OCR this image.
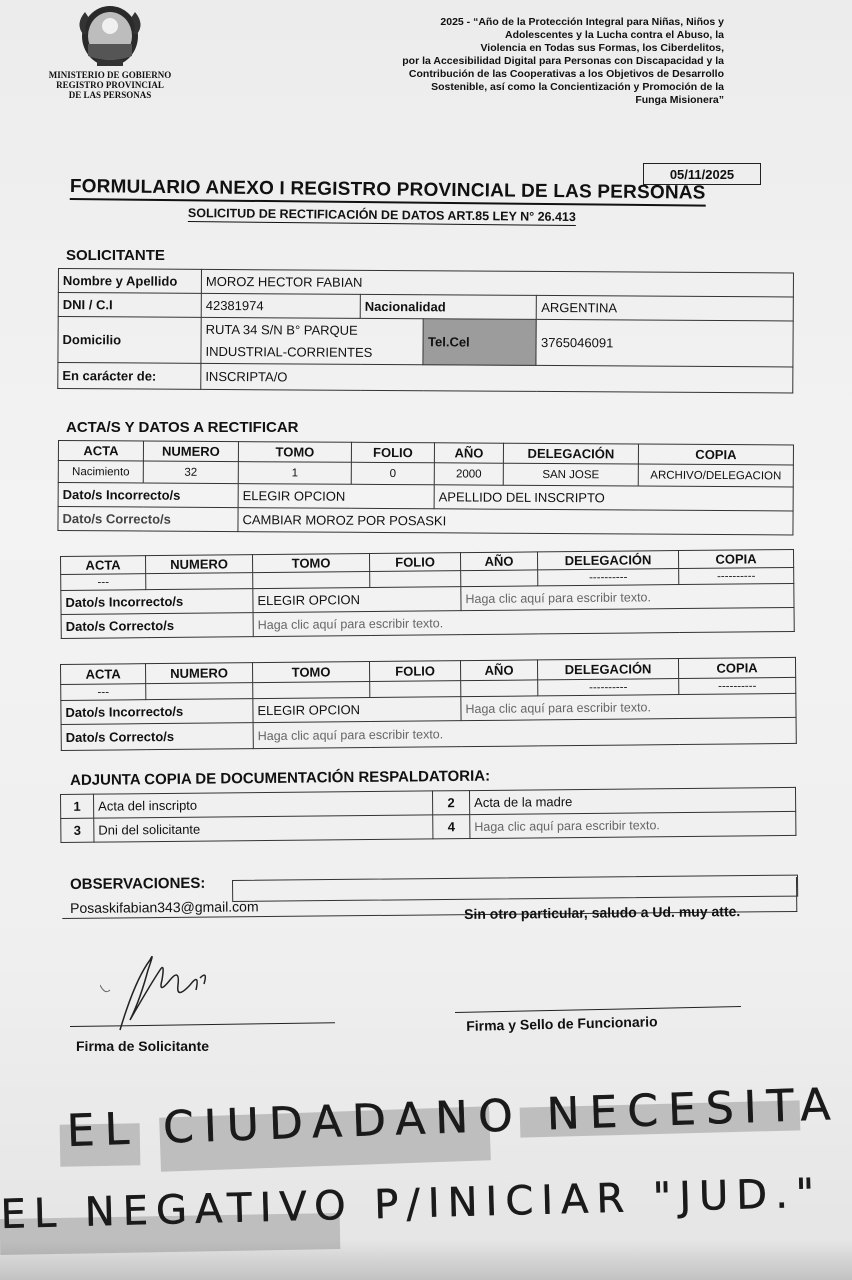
MINISTERIO DE GOBIERNO
REGISTRO PROVINCIAL
DE LAS PERSONAS
2025 - “Año de la Protección Integral para Niñas, Niños y
Adolescentes y la Lucha contra el Abuso, la
Violencia en Todas sus Formas, los Ciberdelitos,
por la Accesibilidad Digital para Personas con Discapacidad y la
Contribución de las Cooperativas a los Objetivos de Desarrollo
Sostenible, así como la Concientización y Promoción de la
Funga Misionera”
05/11/2025
FORMULARIO ANEXO I REGISTRO PROVINCIAL DE LAS PERSONAS
SOLICITUD DE RECTIFICACIÓN DE DATOS ART.85 LEY N° 26.413
SOLICITANTE
Nombre y Apellido	MOROZ HECTOR FABIAN			
DNI / C.I	42381974	Nacionalidad		ARGENTINA
Domicilio	RUTA 34 S/N B° PARQUE
INDUSTRIAL-CORRIENTES		Tel.Cel	3765046091
En carácter de:	INSCRIPTA/O			
ACTA/S Y DATOS A RECTIFICAR
ACTA	NUMERO	TOMO	FOLIO	AÑO	DELEGACIÓN	COPIA
Nacimiento	32	1	0	2000	SAN JOSE	ARCHIVO/DELEGACION
Dato/s Incorrecto/s		ELEGIR OPCION		APELLIDO DEL INSCRIPTO		
Dato/s Correcto/s		CAMBIAR MOROZ POR POSASKI				
ACTA	NUMERO	TOMO	FOLIO	AÑO	DELEGACIÓN	COPIA
---					----------	----------
Dato/s Incorrecto/s		ELEGIR OPCION		Haga clic aquí para escribir texto.		
Dato/s Correcto/s		Haga clic aquí para escribir texto.				
ACTA	NUMERO	TOMO	FOLIO	AÑO	DELEGACIÓN	COPIA
---					----------	----------
Dato/s Incorrecto/s		ELEGIR OPCION		Haga clic aquí para escribir texto.		
Dato/s Correcto/s		Haga clic aquí para escribir texto.				
ADJUNTA COPIA DE DOCUMENTACIÓN RESPALDATORIA:
1	Acta del inscripto	2	Acta de la madre
3	Dni del solicitante	4	Haga clic aquí para escribir texto.
OBSERVACIONES:
Posaskifabian343@gmail.com	Sin otro particular, saludo a Ud. muy atte.
Firma de Solicitante
Firma y Sello de Funcionario
EL CIUDADANO NECESITA
EL NEGATIVO P/INICIAR "JUD."
